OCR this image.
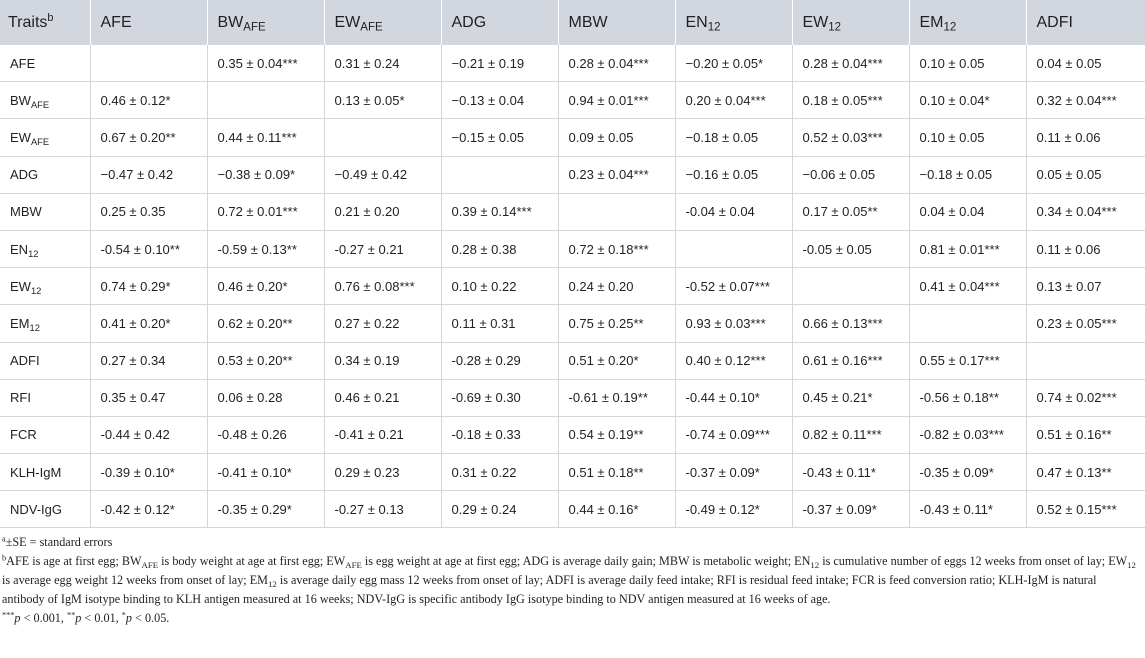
Traits$^b$	AFE	$BW_{AFE}$	$EW_{AFE}$	ADG	MBW	$EN_{12}$	$EW_{12}$	$EM_{12}$	ADFI
AFE		0.35 ± 0.04***	0.31 ± 0.24	−0.21 ± 0.19	0.28 ± 0.04***	−0.20 ± 0.05*	0.28 ± 0.04***	0.10 ± 0.05	0.04 ± 0.05
$BW_{AFE}$	0.46 ± 0.12*		0.13 ± 0.05*	−0.13 ± 0.04	0.94 ± 0.01***	0.20 ± 0.04***	0.18 ± 0.05***	0.10 ± 0.04*	0.32 ± 0.04***
$EW_{AFE}$	0.67 ± 0.20**	0.44 ± 0.11***		−0.15 ± 0.05	0.09 ± 0.05	−0.18 ± 0.05	0.52 ± 0.03***	0.10 ± 0.05	0.11 ± 0.06
ADG	−0.47 ± 0.42	−0.38 ± 0.09*	−0.49 ± 0.42		0.23 ± 0.04***	−0.16 ± 0.05	−0.06 ± 0.05	−0.18 ± 0.05	0.05 ± 0.05
MBW	0.25 ± 0.35	0.72 ± 0.01***	0.21 ± 0.20	0.39 ± 0.14***		-0.04 ± 0.04	0.17 ± 0.05**	0.04 ± 0.04	0.34 ± 0.04***
$EN_{12}$	-0.54 ± 0.10**	-0.59 ± 0.13**	-0.27 ± 0.21	0.28 ± 0.38	0.72 ± 0.18***		-0.05 ± 0.05	0.81 ± 0.01***	0.11 ± 0.06
$EW_{12}$	0.74 ± 0.29*	0.46 ± 0.20*	0.76 ± 0.08***	0.10 ± 0.22	0.24 ± 0.20	-0.52 ± 0.07***		0.41 ± 0.04***	0.13 ± 0.07
$EM_{12}$	0.41 ± 0.20*	0.62 ± 0.20**	0.27 ± 0.22	0.11 ± 0.31	0.75 ± 0.25**	0.93 ± 0.03***	0.66 ± 0.13***		0.23 ± 0.05***
ADFI	0.27 ± 0.34	0.53 ± 0.20**	0.34 ± 0.19	-0.28 ± 0.29	0.51 ± 0.20*	0.40 ± 0.12***	0.61 ± 0.16***	0.55 ± 0.17***	
RFI	0.35 ± 0.47	0.06 ± 0.28	0.46 ± 0.21	-0.69 ± 0.30	-0.61 ± 0.19**	-0.44 ± 0.10*	0.45 ± 0.21*	-0.56 ± 0.18**	0.74 ± 0.02***
FCR	-0.44 ± 0.42	-0.48 ± 0.26	-0.41 ± 0.21	-0.18 ± 0.33	0.54 ± 0.19**	-0.74 ± 0.09***	0.82 ± 0.11***	-0.82 ± 0.03***	0.51 ± 0.16**
KLH-IgM	-0.39 ± 0.10*	-0.41 ± 0.10*	0.29 ± 0.23	0.31 ± 0.22	0.51 ± 0.18**	-0.37 ± 0.09*	-0.43 ± 0.11*	-0.35 ± 0.09*	0.47 ± 0.13**
NDV-IgG	-0.42 ± 0.12*	-0.35 ± 0.29*	-0.27 ± 0.13	0.29 ± 0.24	0.44 ± 0.16*	-0.49 ± 0.12*	-0.37 ± 0.09*	-0.43 ± 0.11*	0.52 ± 0.15***

$^a$±SE = standard errors

$^b$AFE is age at first egg; $BW_{AFE}$ is body weight at age at first egg; $EW_{AFE}$ is egg weight at age at first egg; ADG is average daily gain; MBW is metabolic weight; $EN_{12}$ is cumulative number of eggs 12 weeks from onset of lay; $EW_{12}$ is average egg weight 12 weeks from onset of lay; $EM_{12}$ is average daily egg mass 12 weeks from onset of lay; ADFI is average daily feed intake; RFI is residual feed intake; FCR is feed conversion ratio; KLH-IgM is natural antibody of IgM isotype binding to KLH antigen measured at 16 weeks; NDV-IgG is specific antibody IgG isotype binding to NDV antigen measured at 16 weeks of age.

***p < 0.001, **p < 0.01, *p < 0.05.
